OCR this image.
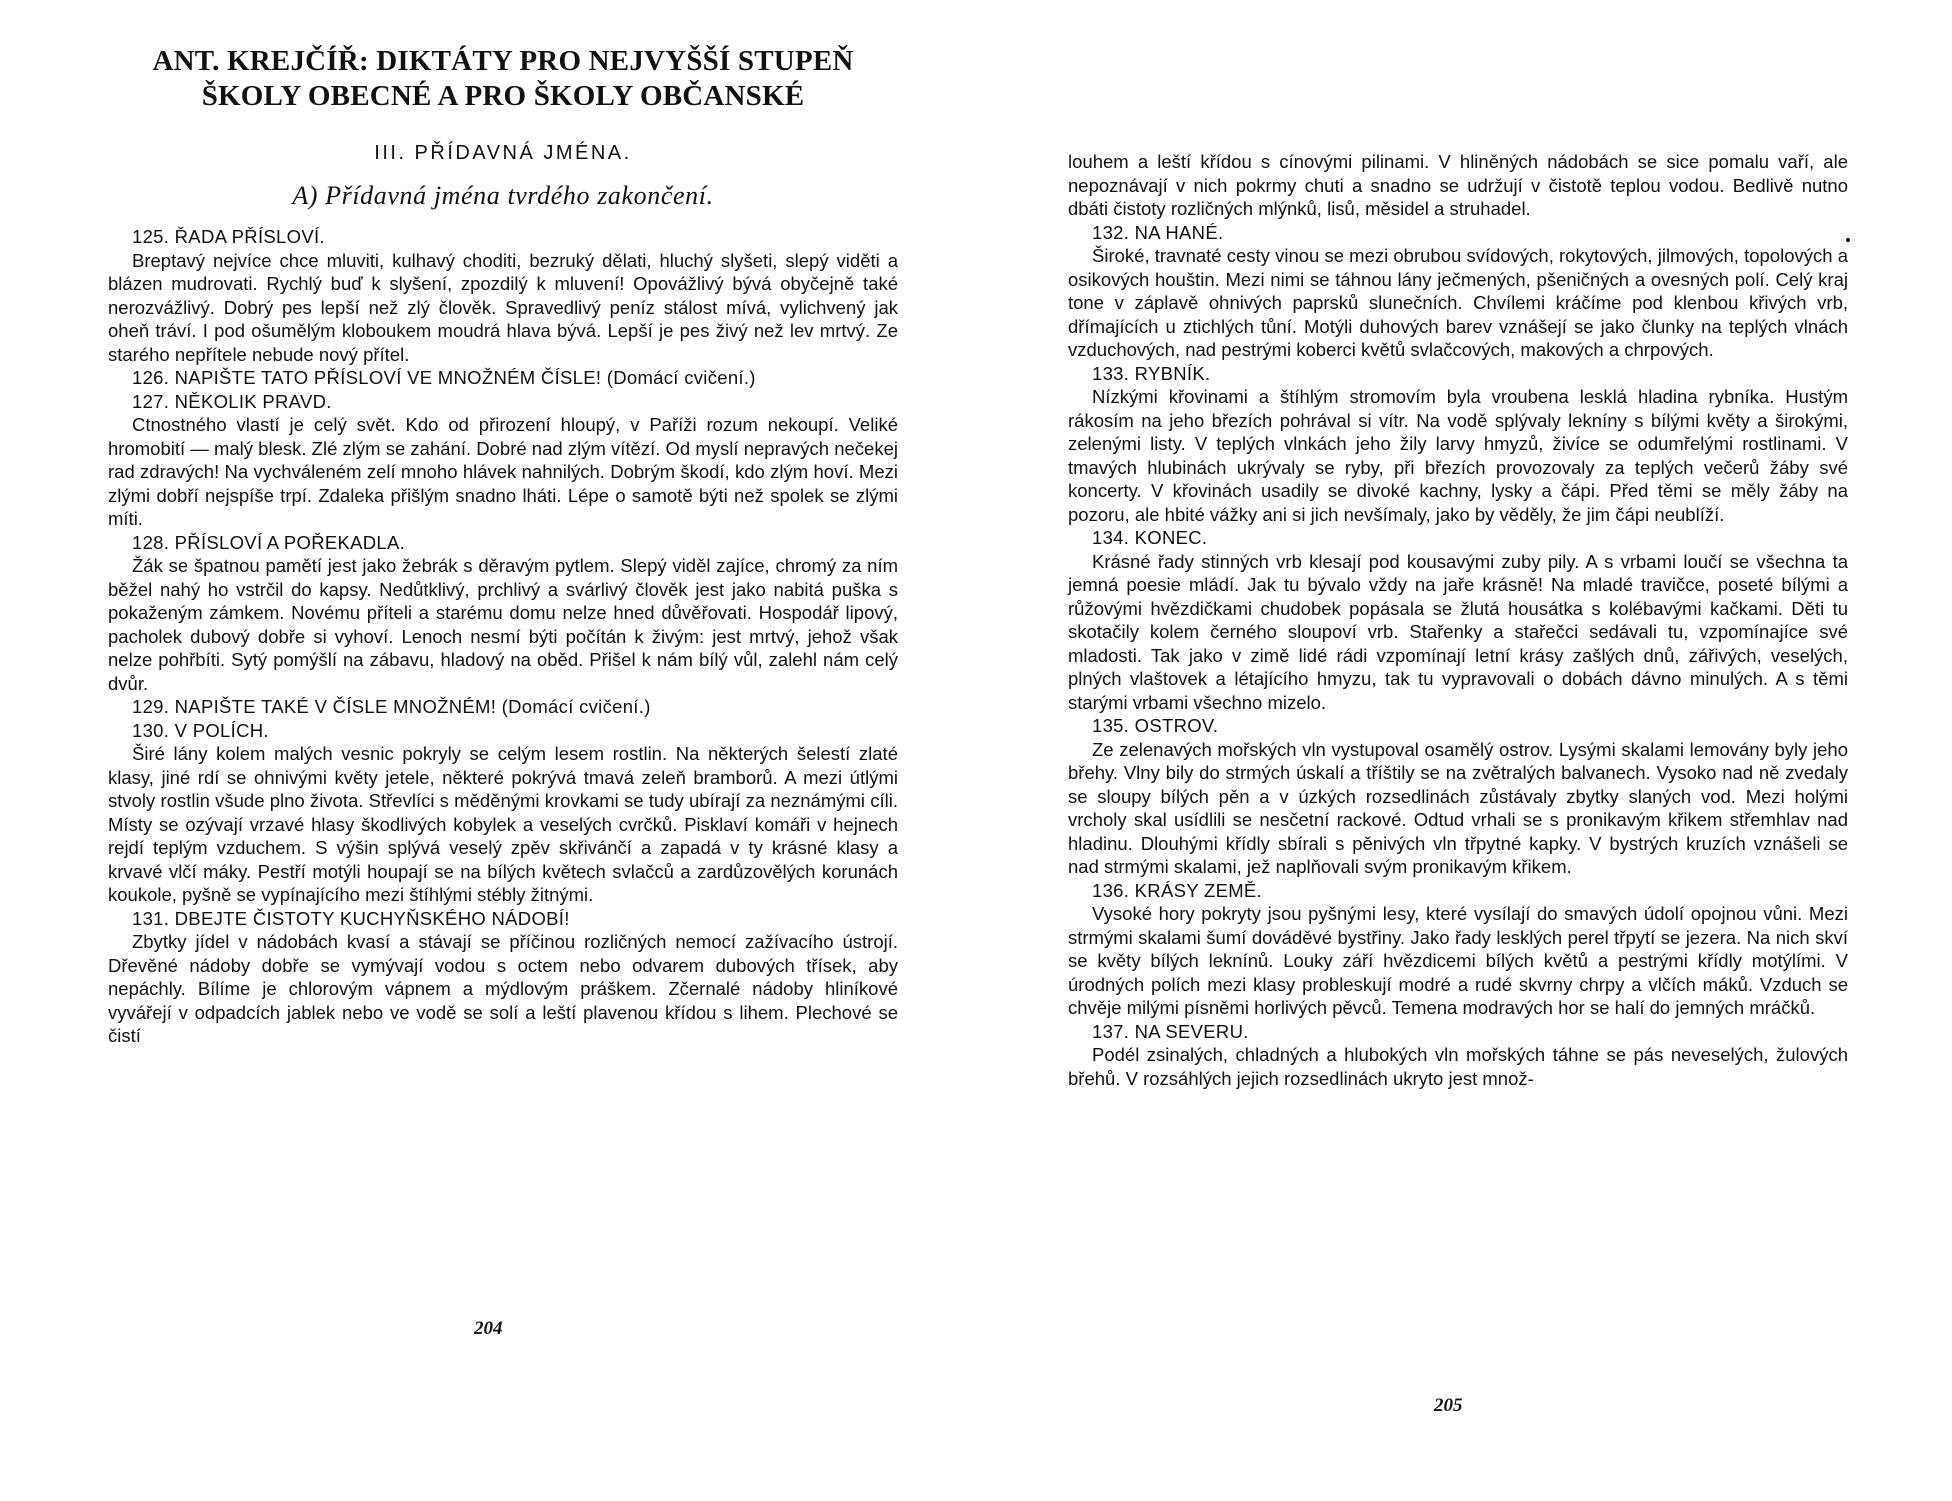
ANT. KREJČÍŘ: DIKTÁTY PRO NEJVYŠŠÍ STUPEŇ
ŠKOLY OBECNÉ A PRO ŠKOLY OBČANSKÉ
III. PŘÍDAVNÁ JMÉNA.
A) Přídavná jména tvrdého zakončení.
125. ŘADA PŘÍSLOVÍ.
Breptavý nejvíce chce mluviti, kulhavý choditi, bezruký dělati, hluchý slyšeti, slepý viděti a blázen mudrovati. Rychlý buď k slyšení, zpozdilý k mluvení! Opovážlivý bývá obyčejně také nerozvážlivý. Dobrý pes lepší než zlý člověk. Spravedlivý peníz stálost mívá, vylichvený jak oheň tráví. I pod ošumělým kloboukem moudrá hlava bývá. Lepší je pes živý než lev mrtvý. Ze starého nepřítele nebude nový přítel.
126. NAPIŠTE TATO PŘÍSLOVÍ VE MNOŽNÉM ČÍSLE! (Domácí cvičení.)
127. NĚKOLIK PRAVD.
Ctnostného vlastí je celý svět. Kdo od přirození hloupý, v Paříži rozum nekoupí. Veliké hromobití — malý blesk. Zlé zlým se zahání. Dobré nad zlým vítězí. Od myslí nepravých nečekej rad zdravých! Na vychváleném zelí mnoho hlávek nahnilých. Dobrým škodí, kdo zlým hoví. Mezi zlými dobří nejspíše trpí. Zdaleka přišlým snadno lháti. Lépe o samotě býti než spolek se zlými míti.
128. PŘÍSLOVÍ A POŘEKADLA.
Žák se špatnou pamětí jest jako žebrák s děravým pytlem. Slepý viděl zajíce, chromý za ním běžel nahý ho vstrčil do kapsy. Nedůtklivý, prchlivý a svárlivý člověk jest jako nabitá puška s pokaženým zámkem. Novému příteli a starému domu nelze hned důvěřovati. Hospodář lipový, pacholek dubový dobře si vyhoví. Lenoch nesmí býti počítán k živým: jest mrtvý, jehož však nelze pohřbíti. Sytý pomýšlí na zábavu, hladový na oběd. Přišel k nám bílý vůl, zalehl nám celý dvůr.
129. NAPIŠTE TAKÉ V ČÍSLE MNOŽNÉM! (Domácí cvičení.)
130. V POLÍCH.
Širé lány kolem malých vesnic pokryly se celým lesem rostlin. Na některých šelestí zlaté klasy, jiné rdí se ohnivými květy jetele, některé pokrývá tmavá zeleň bramborů. A mezi útlými stvoly rostlin všude plno života. Střevlíci s měděnými krovkami se tudy ubírají za neznámými cíli. Místy se ozývají vrzavé hlasy škodlivých kobylek a veselých cvrčků. Pisklaví komáři v hejnech rejdí teplým vzduchem. S výšin splývá veselý zpěv skřivánčí a zapadá v ty krásné klasy a krvavé vlčí máky. Pestří motýli houpají se na bílých květech svlačců a zardůzovělých korunách koukole, pyšně se vypínajícího mezi štíhlými stébly žitnými.
131. DBEJTE ČISTOTY KUCHYŇSKÉHO NÁDOBÍ!
Zbytky jídel v nádobách kvasí a stávají se příčinou rozličných nemocí zažívacího ústrojí. Dřevěné nádoby dobře se vymývají vodou s octem nebo odvarem dubových třísek, aby nepáchly. Bílíme je chlorovým vápnem a mýdlovým práškem. Zčernalé nádoby hliníkové vyvářejí v odpadcích jablek nebo ve vodě se solí a leští plavenou křídou s lihem. Plechové se čistí
204
louhem a leští křídou s cínovými pilinami. V hliněných nádobách se sice pomalu vaří, ale nepoznávají v nich pokrmy chuti a snadno se udržují v čistotě teplou vodou. Bedlivě nutno dbáti čistoty rozličných mlýnků, lisů, měsidel a struhadel.
132. NA HANÉ.
Široké, travnaté cesty vinou se mezi obrubou svídových, rokytových, jilmových, topolových a osikových houštin. Mezi nimi se táhnou lány ječmených, pšeničných a ovesných polí. Celý kraj tone v záplavě ohnivých paprsků slunečních. Chvílemi kráčíme pod klenbou křivých vrb, dřímajících u ztichlých tůní. Motýli duhových barev vznášejí se jako člunky na teplých vlnách vzduchových, nad pestrými koberci květů svlačcových, makových a chrpových.
133. RYBNÍK.
Nízkými křovinami a štíhlým stromovím byla vroubena lesklá hladina rybníka. Hustým rákosím na jeho březích pohrával si vítr. Na vodě splývaly lekníny s bílými květy a širokými, zelenými listy. V teplých vlnkách jeho žily larvy hmyzů, živíce se odumřelými rostlinami. V tmavých hlubinách ukrývaly se ryby, při březích provozovaly za teplých večerů žáby své koncerty. V křovinách usadily se divoké kachny, lysky a čápi. Před těmi se měly žáby na pozoru, ale hbité vážky ani si jich nevšímaly, jako by věděly, že jim čápi neublíží.
134. KONEC.
Krásné řady stinných vrb klesají pod kousavými zuby pily. A s vrbami loučí se všechna ta jemná poesie mládí. Jak tu bývalo vždy na jaře krásně! Na mladé travičce, poseté bílými a růžovými hvězdičkami chudobek popásala se žlutá housátka s kolébavými kačkami. Děti tu skotačily kolem černého sloupoví vrb. Stařenky a stařečci sedávali tu, vzpomínajíce své mladosti. Tak jako v zimě lidé rádi vzpomínají letní krásy zašlých dnů, zářivých, veselých, plných vlaštovek a létajícího hmyzu, tak tu vypravovali o dobách dávno minulých. A s těmi starými vrbami všechno mizelo.
135. OSTROV.
Ze zelenavých mořských vln vystupoval osamělý ostrov. Lysými skalami lemovány byly jeho břehy. Vlny bily do strmých úskalí a tříštily se na zvětralých balvanech. Vysoko nad ně zvedaly se sloupy bílých pěn a v úzkých rozsedlinách zůstávaly zbytky slaných vod. Mezi holými vrcholy skal usídlili se nesčetní rackové. Odtud vrhali se s pronikavým křikem střemhlav nad hladinu. Dlouhými křídly sbírali s pěnivých vln třpytné kapky. V bystrých kruzích vznášeli se nad strmými skalami, jež naplňovali svým pronikavým křikem.
136. KRÁSY ZEMĚ.
Vysoké hory pokryty jsou pyšnými lesy, které vysílají do smavých údolí opojnou vůni. Mezi strmými skalami šumí dováděvé bystřiny. Jako řady lesklých perel třpytí se jezera. Na nich skví se květy bílých leknínů. Louky září hvězdicemi bílých květů a pestrými křídly motýlími. V úrodných polích mezi klasy probleskují modré a rudé skvrny chrpy a vlčích máků. Vzduch se chvěje milými písněmi horlivých pěvců. Temena modravých hor se halí do jemných mráčků.
137. NA SEVERU.
Podél zsinalých, chladných a hlubokých vln mořských táhne se pás neveselých, žulových břehů. V rozsáhlých jejich rozsedlinách ukryto jest množ-
205
